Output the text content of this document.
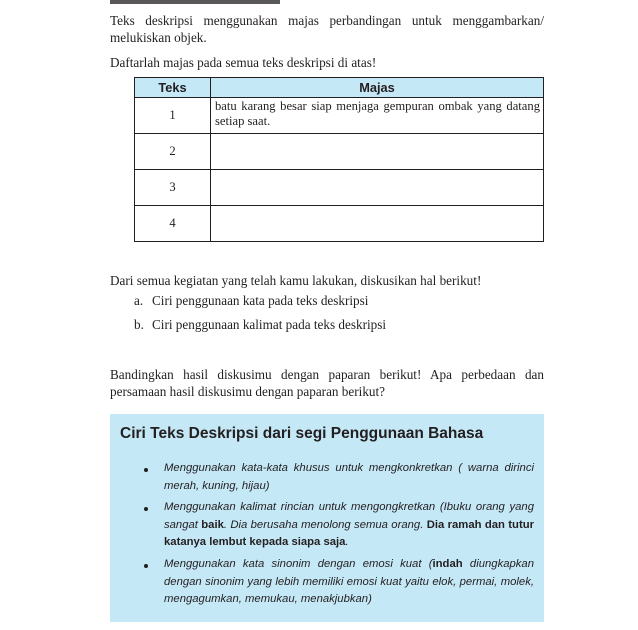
Teks deskripsi menggunakan majas perbandingan untuk menggambarkan/ melukiskan objek.
Daftarlah majas pada semua teks deskripsi di atas!
Teks	Majas
1	batu karang besar siap menjaga gempuran ombak yang datang setiap saat.
2	
3	
4	
Dari semua kegiatan yang telah kamu lakukan, diskusikan hal berikut!
a. Ciri penggunaan kata pada teks deskripsi
b. Ciri penggunaan kalimat pada teks deskripsi
Bandingkan hasil diskusimu dengan paparan berikut! Apa perbedaan dan persamaan hasil diskusimu dengan paparan berikut?
Ciri Teks Deskripsi dari segi Penggunaan Bahasa
Menggunakan kata-kata khusus untuk mengkonkretkan ( warna dirinci merah, kuning, hijau)
Menggunakan kalimat rincian untuk mengongkretkan (Ibuku orang yang sangat baik. Dia berusaha menolong semua orang. Dia ramah dan tutur katanya lembut kepada siapa saja.
Menggunakan kata sinonim dengan emosi kuat (indah diungkapkan dengan sinonim yang lebih memiliki emosi kuat yaitu elok, permai, molek, mengagumkan, memukau, menakjubkan)
